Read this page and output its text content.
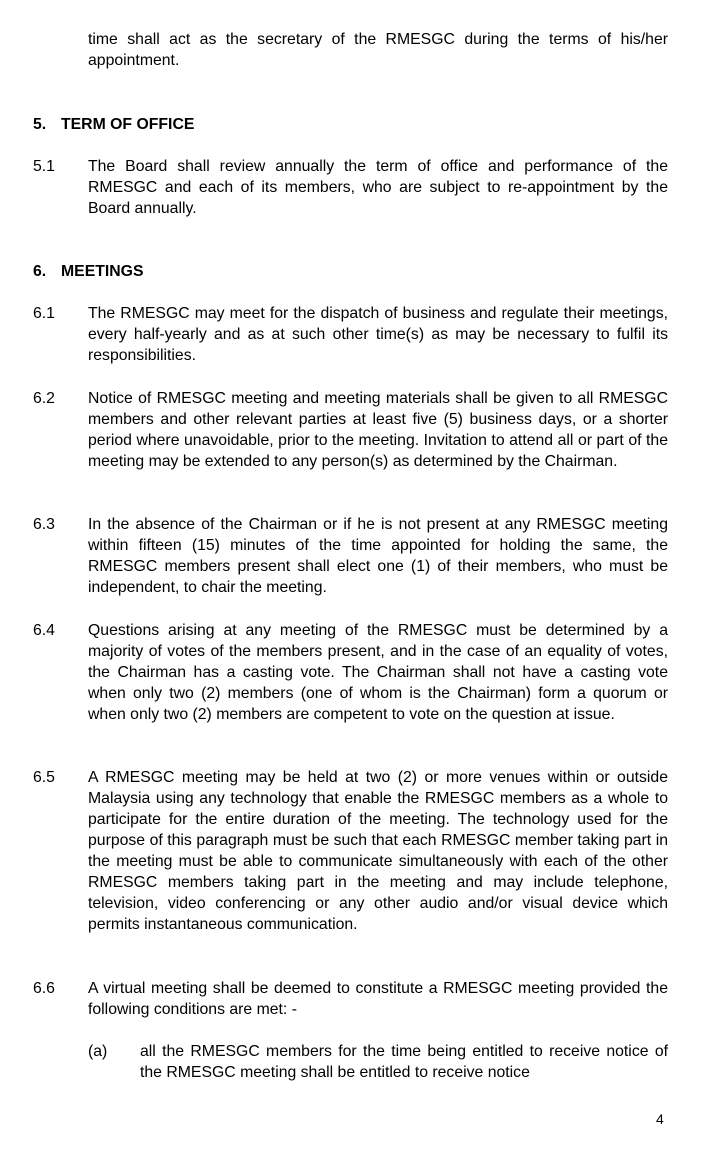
time shall act as the secretary of the RMESGC during the terms of his/her appointment.

5. TERM OF OFFICE

5.1 The Board shall review annually the term of office and performance of the RMESGC and each of its members, who are subject to re-appointment by the Board annually.

6. MEETINGS

6.1 The RMESGC may meet for the dispatch of business and regulate their meetings, every half-yearly and as at such other time(s) as may be necessary to fulfil its responsibilities.

6.2 Notice of RMESGC meeting and meeting materials shall be given to all RMESGC members and other relevant parties at least five (5) business days, or a shorter period where unavoidable, prior to the meeting. Invitation to attend all or part of the meeting may be extended to any person(s) as determined by the Chairman.

6.3 In the absence of the Chairman or if he is not present at any RMESGC meeting within fifteen (15) minutes of the time appointed for holding the same, the RMESGC members present shall elect one (1) of their members, who must be independent, to chair the meeting.

6.4 Questions arising at any meeting of the RMESGC must be determined by a majority of votes of the members present, and in the case of an equality of votes, the Chairman has a casting vote. The Chairman shall not have a casting vote when only two (2) members (one of whom is the Chairman) form a quorum or when only two (2) members are competent to vote on the question at issue.

6.5 A RMESGC meeting may be held at two (2) or more venues within or outside Malaysia using any technology that enable the RMESGC members as a whole to participate for the entire duration of the meeting. The technology used for the purpose of this paragraph must be such that each RMESGC member taking part in the meeting must be able to communicate simultaneously with each of the other RMESGC members taking part in the meeting and may include telephone, television, video conferencing or any other audio and/or visual device which permits instantaneous communication.

6.6 A virtual meeting shall be deemed to constitute a RMESGC meeting provided the following conditions are met: -

(a) all the RMESGC members for the time being entitled to receive notice of the RMESGC meeting shall be entitled to receive notice

4
